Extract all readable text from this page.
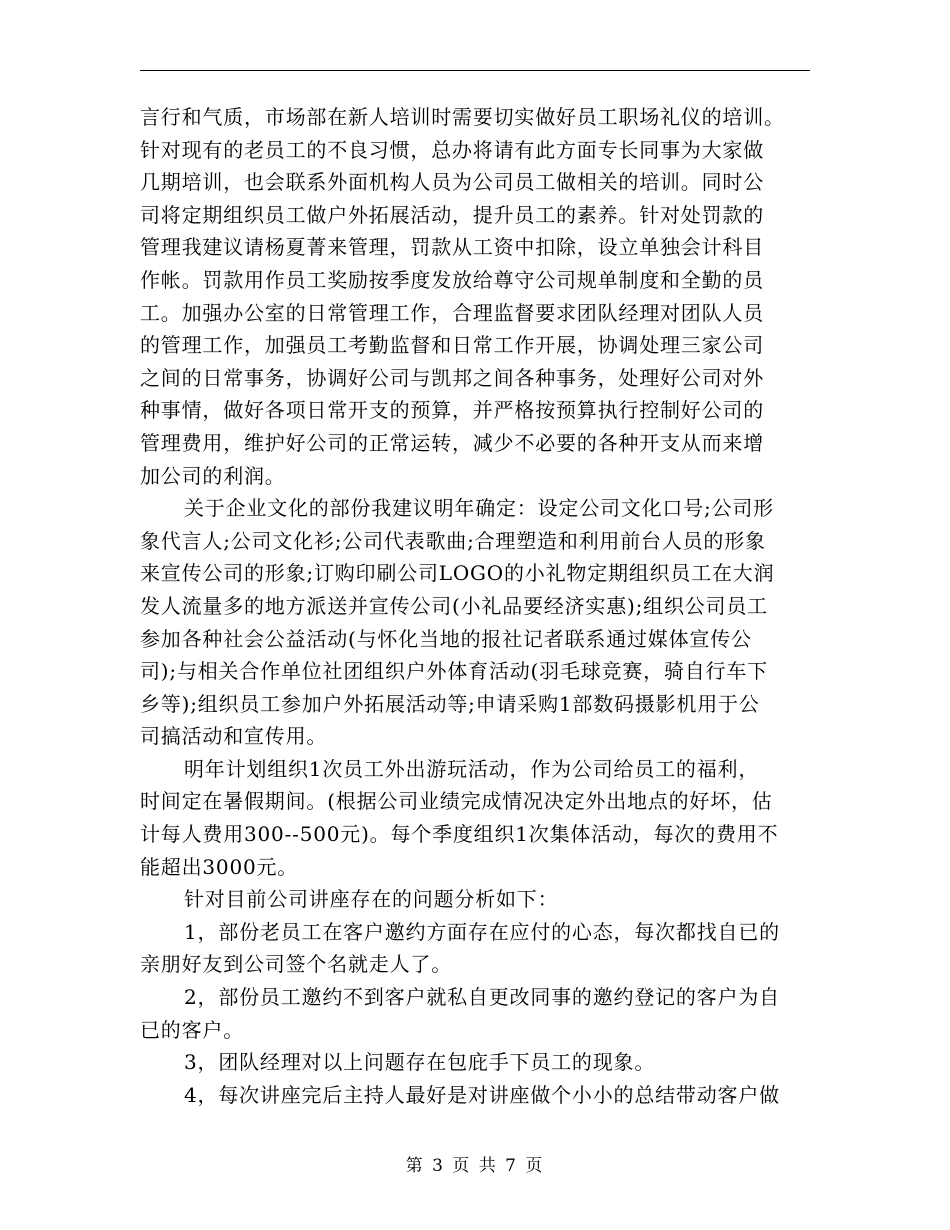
言行和气质，市场部在新人培训时需要切实做好员工职场礼仪的培训。
针对现有的老员工的不良习惯，总办将请有此方面专长同事为大家做
几期培训，也会联系外面机构人员为公司员工做相关的培训。同时公
司将定期组织员工做户外拓展活动，提升员工的素养。针对处罚款的
管理我建议请杨夏菁来管理，罚款从工资中扣除，设立单独会计科目
作帐。罚款用作员工奖励按季度发放给尊守公司规单制度和全勤的员
工。加强办公室的日常管理工作，合理监督要求团队经理对团队人员
的管理工作，加强员工考勤监督和日常工作开展，协调处理三家公司
之间的日常事务，协调好公司与凯邦之间各种事务，处理好公司对外
种事情，做好各项日常开支的预算，并严格按预算执行控制好公司的
管理费用，维护好公司的正常运转，减少不必要的各种开支从而来增
加公司的利润。
关于企业文化的部份我建议明年确定：设定公司文化口号;公司形
象代言人;公司文化衫;公司代表歌曲;合理塑造和利用前台人员的形象
来宣传公司的形象;订购印刷公司LOGO的小礼物定期组织员工在大润
发人流量多的地方派送并宣传公司(小礼品要经济实惠);组织公司员工
参加各种社会公益活动(与怀化当地的报社记者联系通过媒体宣传公
司);与相关合作单位社团组织户外体育活动(羽毛球竞赛，骑自行车下
乡等);组织员工参加户外拓展活动等;申请采购1部数码摄影机用于公
司搞活动和宣传用。
明年计划组织1次员工外出游玩活动，作为公司给员工的福利，
时间定在暑假期间。(根据公司业绩完成情况决定外出地点的好坏，估
计每人费用300--500元)。每个季度组织1次集体活动，每次的费用不
能超出3000元。
针对目前公司讲座存在的问题分析如下：
1，部份老员工在客户邀约方面存在应付的心态，每次都找自已的
亲朋好友到公司签个名就走人了。
2，部份员工邀约不到客户就私自更改同事的邀约登记的客户为自
已的客户。
3，团队经理对以上问题存在包庇手下员工的现象。
4，每次讲座完后主持人最好是对讲座做个小小的总结带动客户做
第 3 页 共 7 页
